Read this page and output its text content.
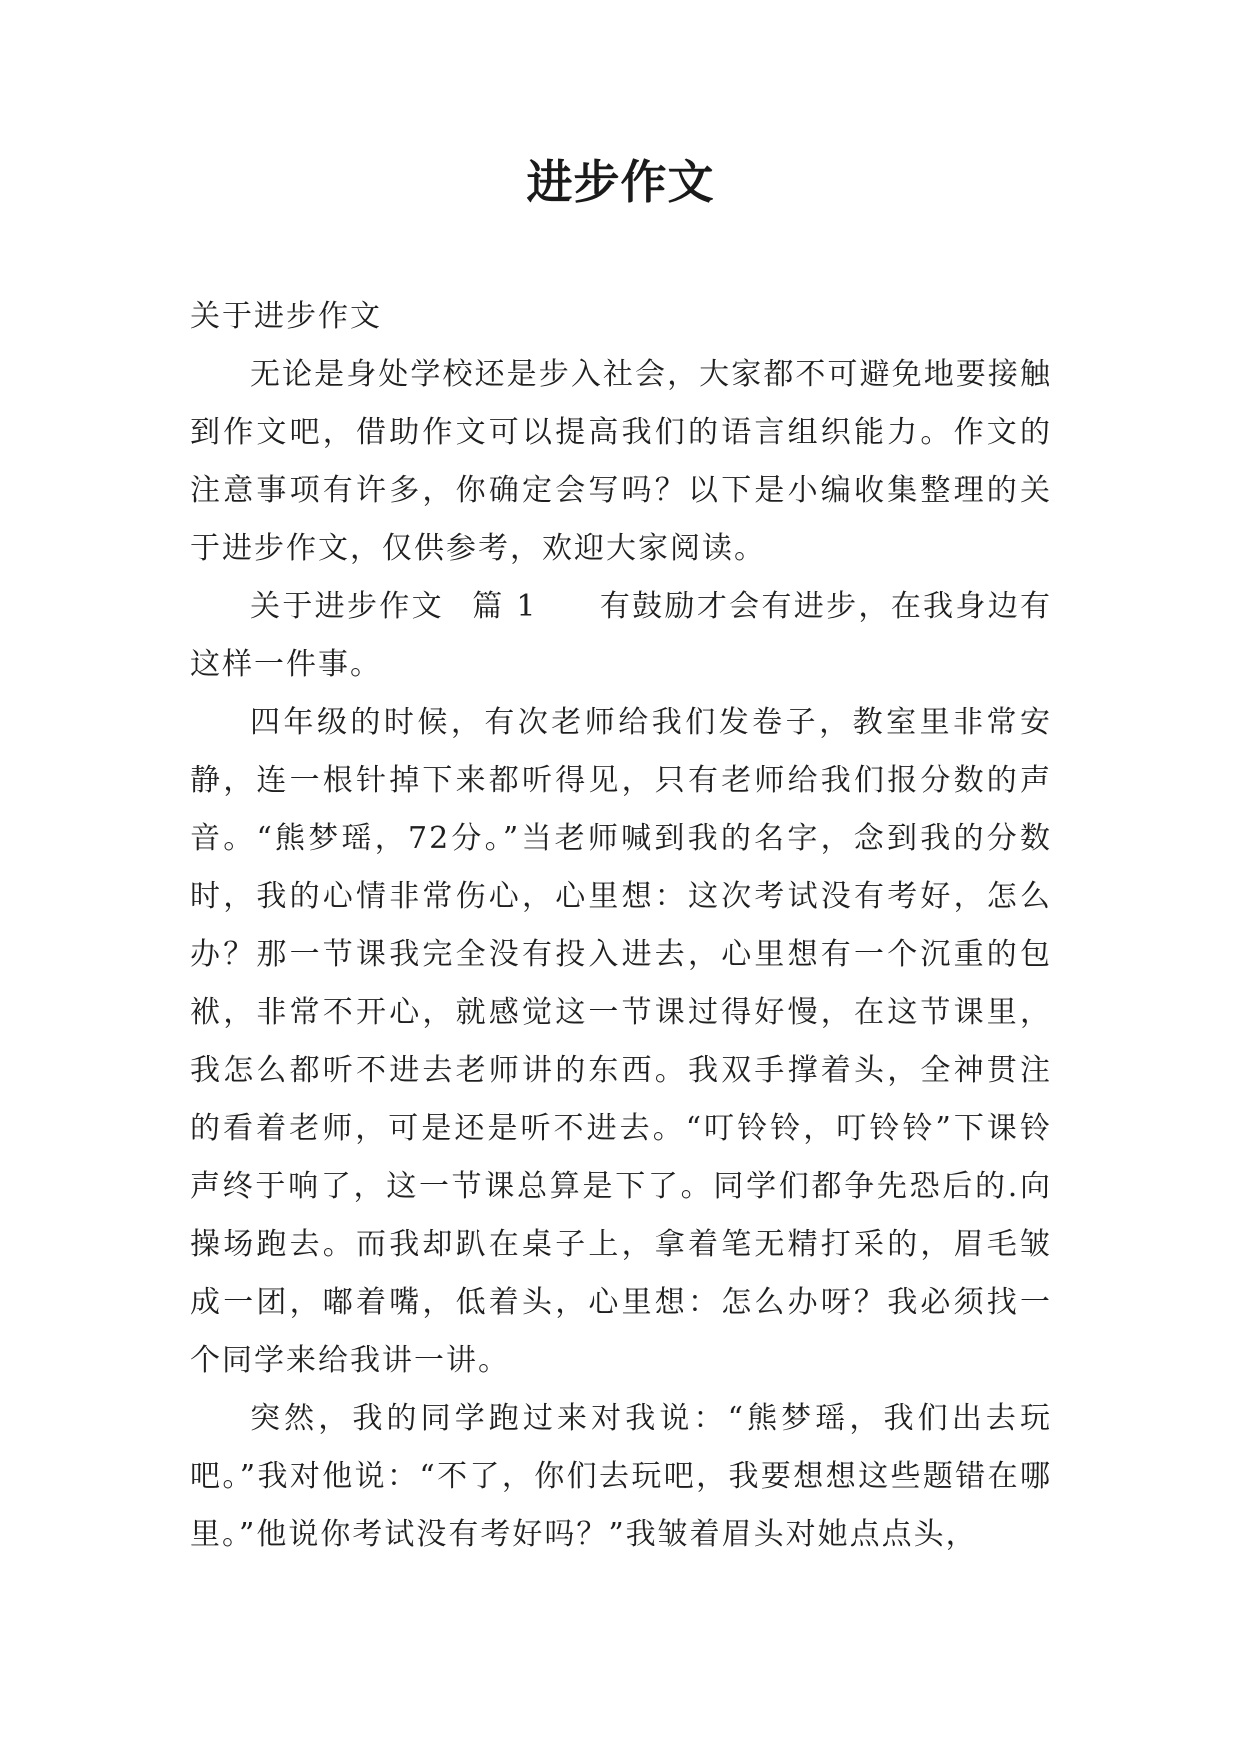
进步作文

关于进步作文

无论是身处学校还是步入社会，大家都不可避免地要接触到作文吧，借助作文可以提高我们的语言组织能力。作文的注意事项有许多，你确定会写吗？以下是小编收集整理的关于进步作文，仅供参考，欢迎大家阅读。

关于进步作文 篇 1 有鼓励才会有进步，在我身边有这样一件事。

四年级的时候，有次老师给我们发卷子，教室里非常安静，连一根针掉下来都听得见，只有老师给我们报分数的声音。“熊梦瑶，72分。”当老师喊到我的名字，念到我的分数时，我的心情非常伤心，心里想：这次考试没有考好，怎么办？那一节课我完全没有投入进去，心里想有一个沉重的包袱，非常不开心，就感觉这一节课过得好慢，在这节课里，我怎么都听不进去老师讲的东西。我双手撑着头，全神贯注的看着老师，可是还是听不进去。“叮铃铃，叮铃铃”下课铃声终于响了，这一节课总算是下了。同学们都争先恐后的.向操场跑去。而我却趴在桌子上，拿着笔无精打采的，眉毛皱成一团，嘟着嘴，低着头，心里想：怎么办呀？我必须找一个同学来给我讲一讲。

突然，我的同学跑过来对我说：“熊梦瑶，我们出去玩吧。”我对他说：“不了，你们去玩吧，我要想想这些题错在哪里。”他说你考试没有考好吗？”我皱着眉头对她点点头，
